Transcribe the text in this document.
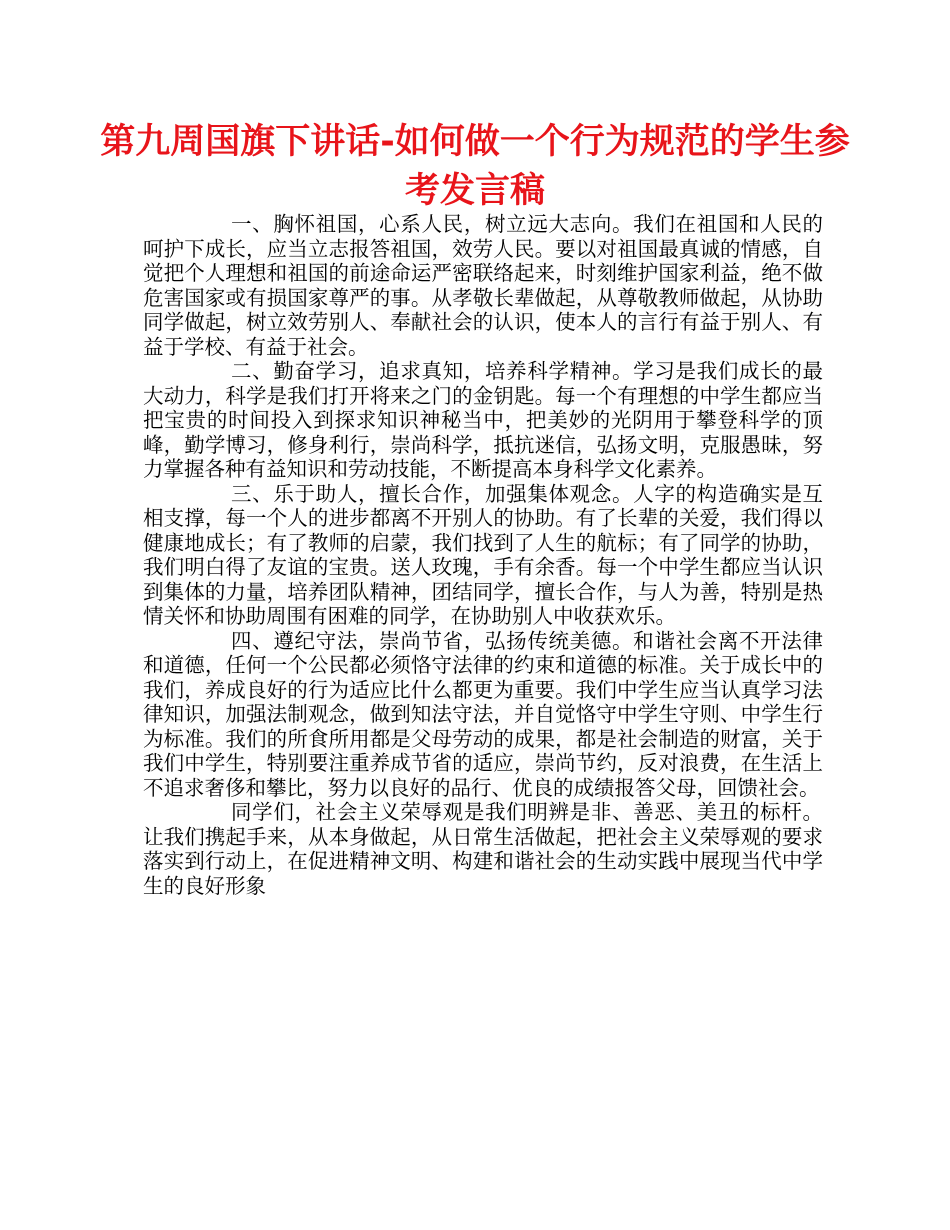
第九周国旗下讲话-如何做一个行为规范的学生参考发言稿

一、胸怀祖国，心系人民，树立远大志向。我们在祖国和人民的呵护下成长，应当立志报答祖国，效劳人民。要以对祖国最真诚的情感，自觉把个人理想和祖国的前途命运严密联络起来，时刻维护国家利益，绝不做危害国家或有损国家尊严的事。从孝敬长辈做起，从尊敬教师做起，从协助同学做起，树立效劳别人、奉献社会的认识，使本人的言行有益于别人、有益于学校、有益于社会。

二、勤奋学习，追求真知，培养科学精神。学习是我们成长的最大动力，科学是我们打开将来之门的金钥匙。每一个有理想的中学生都应当把宝贵的时间投入到探求知识神秘当中，把美妙的光阴用于攀登科学的顶峰，勤学博习，修身利行，崇尚科学，抵抗迷信，弘扬文明，克服愚昧，努力掌握各种有益知识和劳动技能，不断提高本身科学文化素养。

三、乐于助人，擅长合作，加强集体观念。人字的构造确实是互相支撑，每一个人的进步都离不开别人的协助。有了长辈的关爱，我们得以健康地成长；有了教师的启蒙，我们找到了人生的航标；有了同学的协助，我们明白得了友谊的宝贵。送人玫瑰，手有余香。每一个中学生都应当认识到集体的力量，培养团队精神，团结同学，擅长合作，与人为善，特别是热情关怀和协助周围有困难的同学，在协助别人中收获欢乐。

四、遵纪守法，崇尚节省，弘扬传统美德。和谐社会离不开法律和道德，任何一个公民都必须恪守法律的约束和道德的标准。关于成长中的我们，养成良好的行为适应比什么都更为重要。我们中学生应当认真学习法律知识，加强法制观念，做到知法守法，并自觉恪守中学生守则、中学生行为标准。我们的所食所用都是父母劳动的成果，都是社会制造的财富，关于我们中学生，特别要注重养成节省的适应，崇尚节约，反对浪费，在生活上不追求奢侈和攀比，努力以良好的品行、优良的成绩报答父母，回馈社会。

同学们，社会主义荣辱观是我们明辨是非、善恶、美丑的标杆。让我们携起手来，从本身做起，从日常生活做起，把社会主义荣辱观的要求落实到行动上，在促进精神文明、构建和谐社会的生动实践中展现当代中学生的良好形象
